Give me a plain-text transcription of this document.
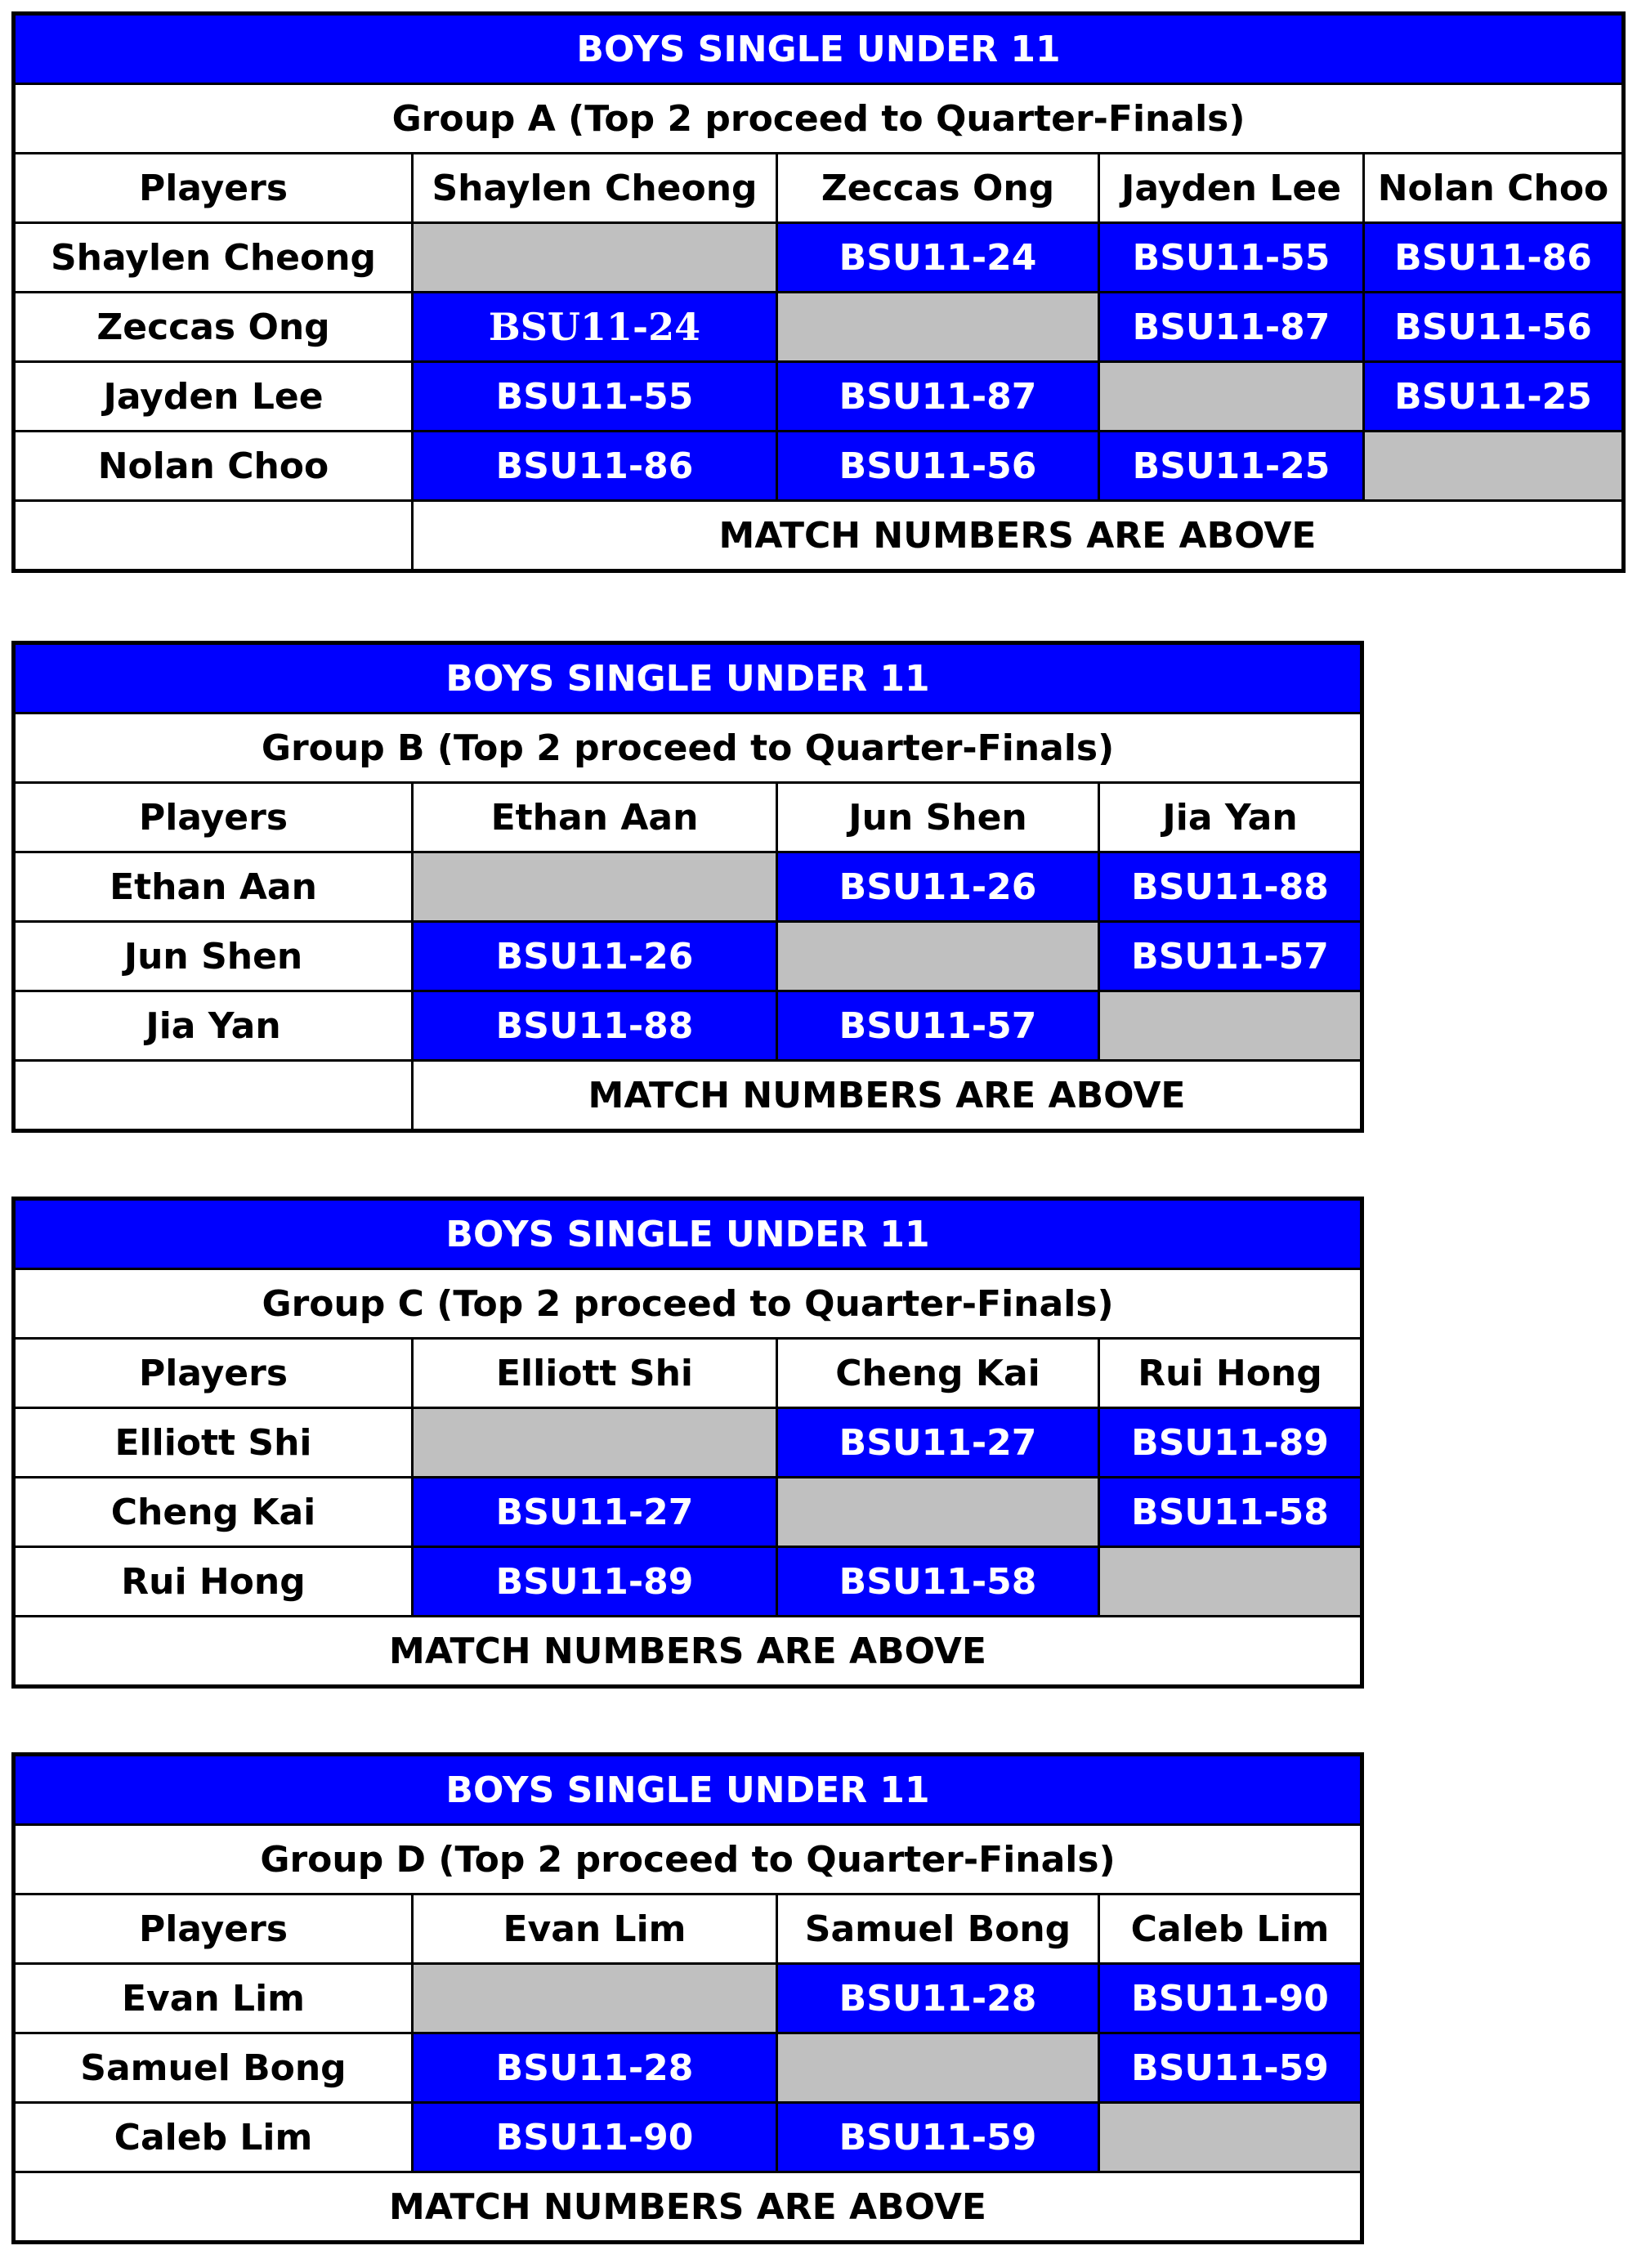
BOYS SINGLE UNDER 11				
Group A (Top 2 proceed to Quarter-Finals)				
Players	Shaylen Cheong	Zeccas Ong	Jayden Lee	Nolan Choo
Shaylen Cheong		BSU11-24	BSU11-55	BSU11-86
Zeccas Ong	BSU11-24		BSU11-87	BSU11-56
Jayden Lee	BSU11-55	BSU11-87		BSU11-25
Nolan Choo	BSU11-86	BSU11-56	BSU11-25	
	MATCH NUMBERS ARE ABOVE			
BOYS SINGLE UNDER 11			
Group B (Top 2 proceed to Quarter-Finals)			
Players	Ethan Aan	Jun Shen	Jia Yan
Ethan Aan		BSU11-26	BSU11-88
Jun Shen	BSU11-26		BSU11-57
Jia Yan	BSU11-88	BSU11-57	
	MATCH NUMBERS ARE ABOVE		
BOYS SINGLE UNDER 11			
Group C (Top 2 proceed to Quarter-Finals)			
Players	Elliott Shi	Cheng Kai	Rui Hong
Elliott Shi		BSU11-27	BSU11-89
Cheng Kai	BSU11-27		BSU11-58
Rui Hong	BSU11-89	BSU11-58	
MATCH NUMBERS ARE ABOVE			
BOYS SINGLE UNDER 11			
Group D (Top 2 proceed to Quarter-Finals)			
Players	Evan Lim	Samuel Bong	Caleb Lim
Evan Lim		BSU11-28	BSU11-90
Samuel Bong	BSU11-28		BSU11-59
Caleb Lim	BSU11-90	BSU11-59	
MATCH NUMBERS ARE ABOVE			
